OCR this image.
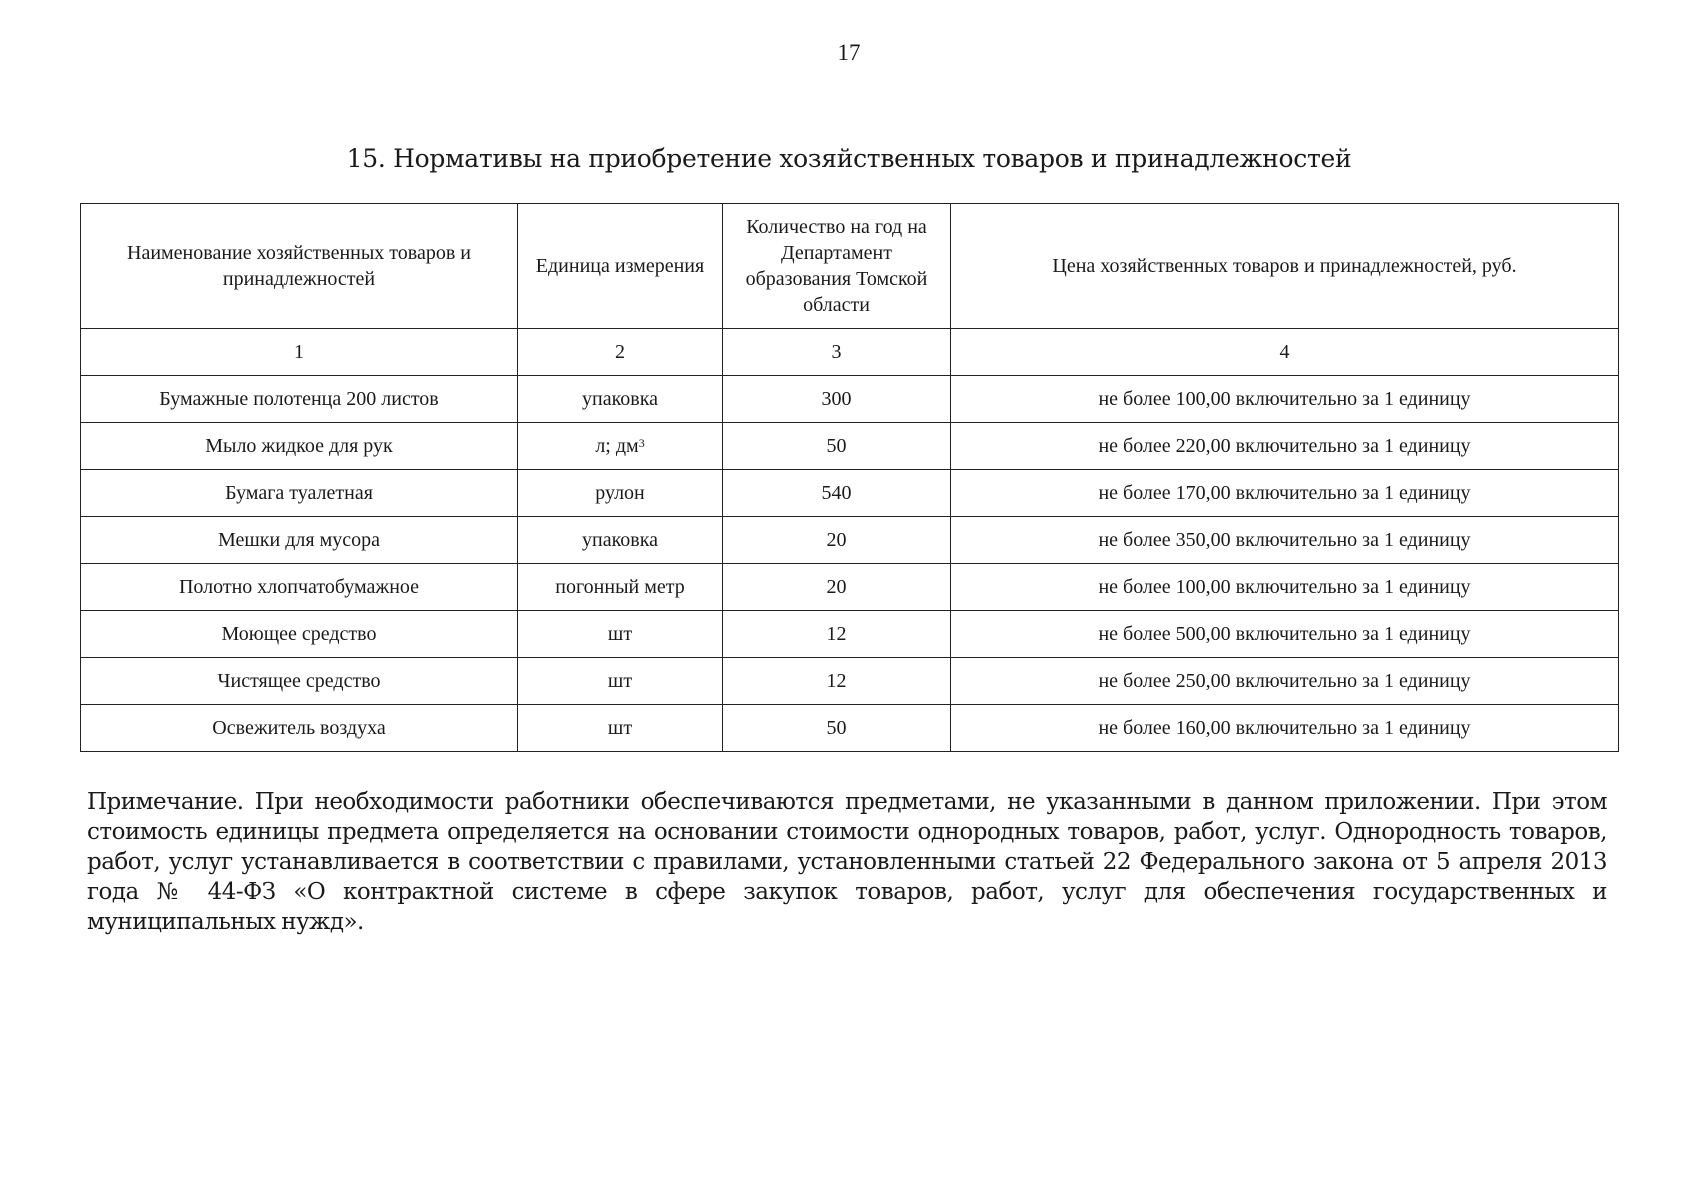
17
15. Нормативы на приобретение хозяйственных товаров и принадлежностей
Наименование хозяйственных товаров и принадлежностей	Единица измерения	Количество на год на Департамент образования Томской области	Цена хозяйственных товаров и принадлежностей, руб.
1	2	3	4
Бумажные полотенца 200 листов	упаковка	300	не более 100,00 включительно за 1 единицу
Мыло жидкое для рук	л; $дм^3$	50	не более 220,00 включительно за 1 единицу
Бумага туалетная	рулон	540	не более 170,00 включительно за 1 единицу
Мешки для мусора	упаковка	20	не более 350,00 включительно за 1 единицу
Полотно хлопчатобумажное	погонный метр	20	не более 100,00 включительно за 1 единицу
Моющее средство	шт	12	не более 500,00 включительно за 1 единицу
Чистящее средство	шт	12	не более 250,00 включительно за 1 единицу
Освежитель воздуха	шт	50	не более 160,00 включительно за 1 единицу
Примечание. При необходимости работники обеспечиваются предметами, не указанными в данном приложении. При этом стоимость единицы предмета определяется на основании стоимости однородных товаров, работ, услуг. Однородность товаров, работ, услуг устанавливается в соответствии с правилами, установленными статьей 22 Федерального закона от 5 апреля 2013 года № 44-ФЗ «О контрактной системе в сфере закупок товаров, работ, услуг для обеспечения государственных и муниципальных нужд».
